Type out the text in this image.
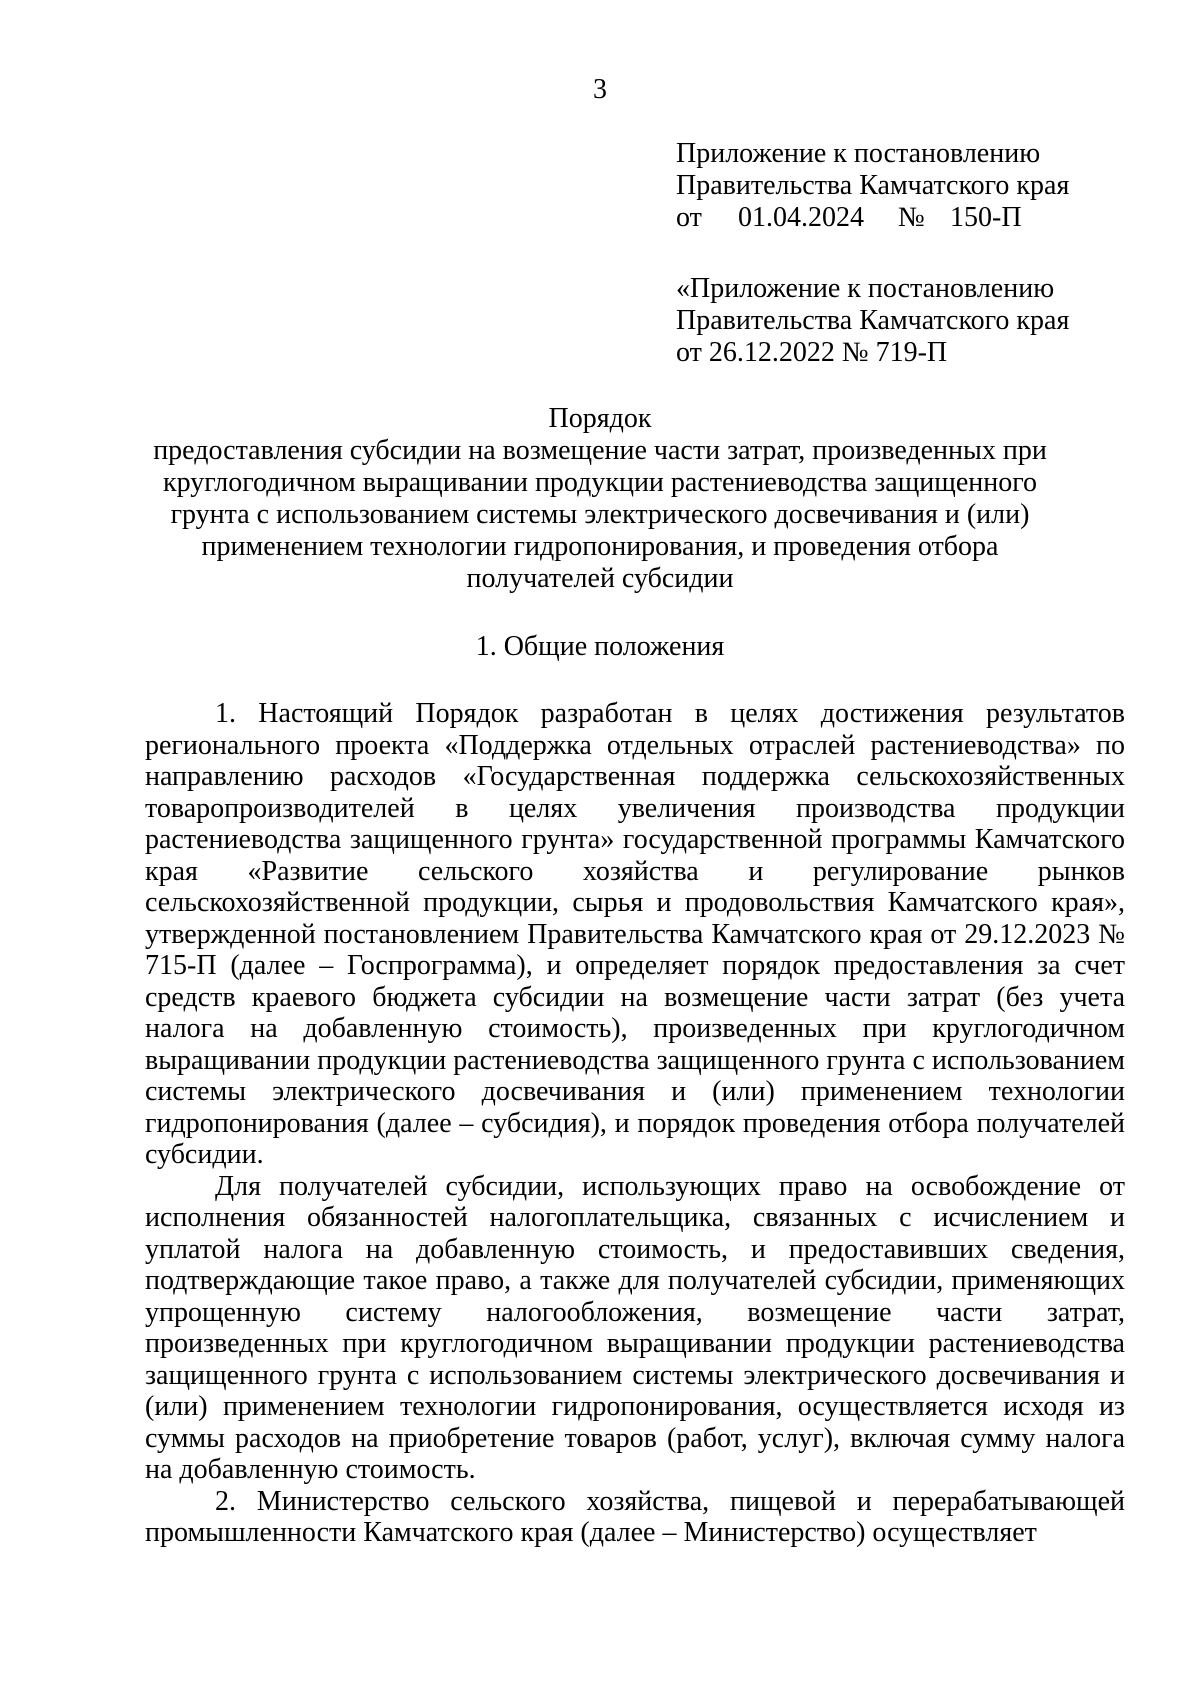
3
Приложение к постановлению
Правительства Камчатского края
от 01.04.2024 № 150-П
«Приложение к постановлению
Правительства Камчатского края
от 26.12.2022 № 719-П
Порядок
предоставления субсидии на возмещение части затрат, произведенных при
круглогодичном выращивании продукции растениеводства защищенного
грунта с использованием системы электрического досвечивания и (или)
применением технологии гидропонирования, и проведения отбора
получателей субсидии
1. Общие положения

1. Настоящий Порядок разработан в целях достижения результатов регионального проекта «Поддержка отдельных отраслей растениеводства» по направлению расходов «Государственная поддержка сельскохозяйственных товаропроизводителей в целях увеличения производства продукции растениеводства защищенного грунта» государственной программы Камчатского края «Развитие сельского хозяйства и регулирование рынков сельскохозяйственной продукции, сырья и продовольствия Камчатского края», утвержденной постановлением Правительства Камчатского края от 29.12.2023 № 715-П (далее – Госпрограмма), и определяет порядок предоставления за счет средств краевого бюджета субсидии на возмещение части затрат (без учета налога на добавленную стоимость), произведенных при круглогодичном выращивании продукции растениеводства защищенного грунта с использованием системы электрического досвечивания и (или) применением технологии гидропонирования (далее – субсидия), и порядок проведения отбора получателей субсидии.

Для получателей субсидии, использующих право на освобождение от исполнения обязанностей налогоплательщика, связанных с исчислением и уплатой налога на добавленную стоимость, и предоставивших сведения, подтверждающие такое право, а также для получателей субсидии, применяющих упрощенную систему налогообложения, возмещение части затрат, произведенных при круглогодичном выращивании продукции растениеводства защищенного грунта с использованием системы электрического досвечивания и (или) применением технологии гидропонирования, осуществляется исходя из суммы расходов на приобретение товаров (работ, услуг), включая сумму налога на добавленную стоимость.

2. Министерство сельского хозяйства, пищевой и перерабатывающей промышленности Камчатского края (далее – Министерство) осуществляет
